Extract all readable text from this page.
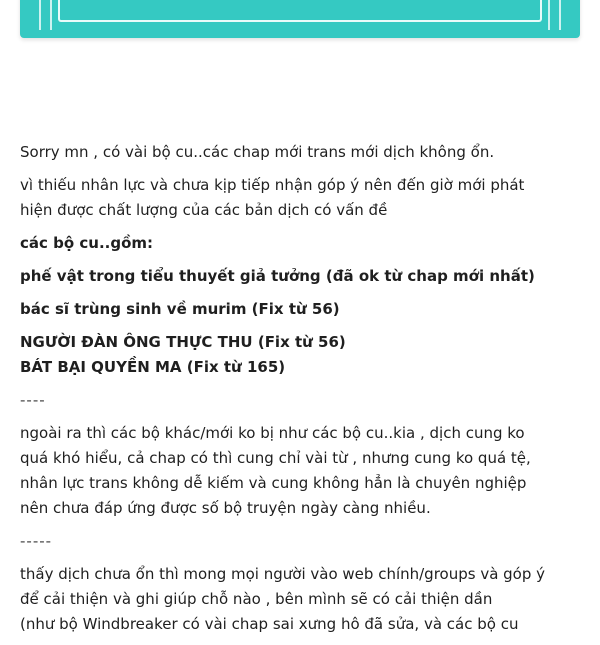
Sorry mn , có vài bộ cu..các chap mới trans mới dịch không ổn.

vì thiếu nhân lực và chưa kịp tiếp nhận góp ý nên đến giờ mới phát
hiện được chất lượng của các bản dịch có vấn đề

các bộ cu..gồm:

phế vật trong tiểu thuyết giả tưởng (đã ok từ chap mới nhất)

bác sĩ trùng sinh về murim (Fix từ 56)

NGƯỜI ĐÀN ÔNG THỰC THU (Fix từ 56)
BÁT BẠI QUYỀN MA (Fix từ 165)

----

ngoài ra thì các bộ khác/mới ko bị như các bộ cu..kia , dịch cung ko
quá khó hiểu, cả chap có thì cung chỉ vài từ , nhưng cung ko quá tệ,
nhân lực trans không dễ kiếm và cung không hẳn là chuyên nghiệp
nên chưa đáp ứng được số bộ truyện ngày càng nhiều.

-----

thấy dịch chưa ổn thì mong mọi người vào web chính/groups và góp ý
để cải thiện và ghi giúp chỗ nào , bên mình sẽ có cải thiện dần
(như bộ Windbreaker có vài chap sai xưng hô đã sửa, và các bộ cu
